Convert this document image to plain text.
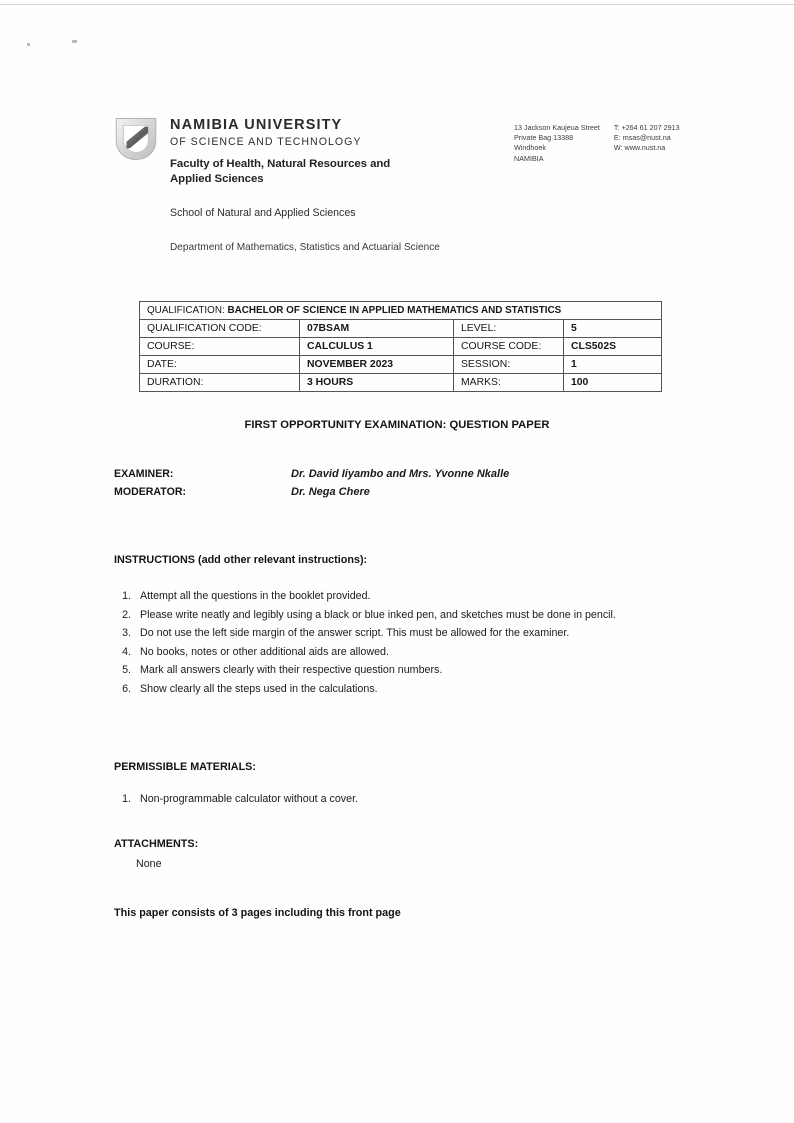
NAMIBIA UNIVERSITY
OF SCIENCE AND TECHNOLOGY
Faculty of Health, Natural Resources and Applied Sciences
School of Natural and Applied Sciences
Department of Mathematics, Statistics and Actuarial Science
13 Jackson Kaujeua Street
Private Bag 13388
Windhoek
NAMIBIA
T: +264 61 207 2913
E: msas@nust.na
W: www.nust.na
QUALIFICATION: BACHELOR OF SCIENCE IN APPLIED MATHEMATICS AND STATISTICS			
QUALIFICATION CODE:	07BSAM	LEVEL:	5
COURSE:	CALCULUS 1	COURSE CODE:	CLS502S
DATE:	NOVEMBER 2023	SESSION:	1
DURATION:	3 HOURS	MARKS:	100
FIRST OPPORTUNITY EXAMINATION: QUESTION PAPER
EXAMINER:	Dr. David Iiyambo and Mrs. Yvonne Nkalle
MODERATOR:	Dr. Nega Chere
INSTRUCTIONS (add other relevant instructions):
1. Attempt all the questions in the booklet provided.
2. Please write neatly and legibly using a black or blue inked pen, and sketches must be done in pencil.
3. Do not use the left side margin of the answer script. This must be allowed for the examiner.
4. No books, notes or other additional aids are allowed.
5. Mark all answers clearly with their respective question numbers.
6. Show clearly all the steps used in the calculations.
PERMISSIBLE MATERIALS:
1. Non-programmable calculator without a cover.
ATTACHMENTS:
None
This paper consists of 3 pages including this front page
